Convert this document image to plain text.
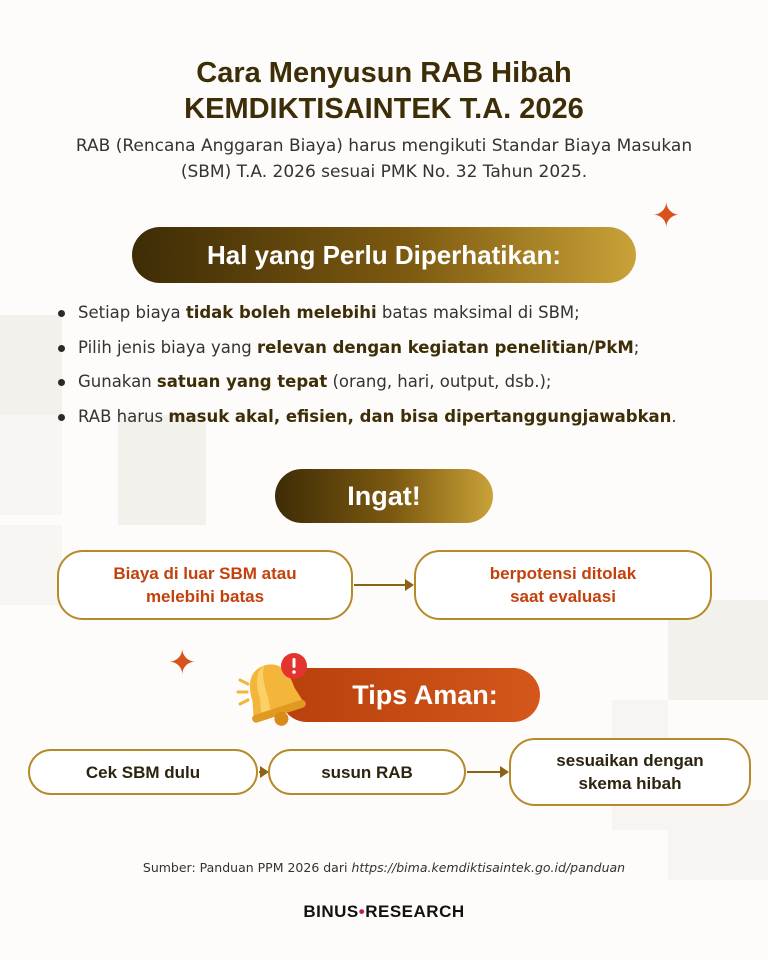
Cara Menyusun RAB Hibah
KEMDIKTISAINTEK T.A. 2026
RAB (Rencana Anggaran Biaya) harus mengikuti Standar Biaya Masukan
(SBM) T.A. 2026 sesuai PMK No. 32 Tahun 2025.
✦
Hal yang Perlu Diperhatikan:
Setiap biaya tidak boleh melebihi batas maksimal di SBM;
Pilih jenis biaya yang relevan dengan kegiatan penelitian/PkM;
Gunakan satuan yang tepat (orang, hari, output, dsb.);
RAB harus masuk akal, efisien, dan bisa dipertanggungjawabkan.
Ingat!
Biaya di luar SBM atau
melebihi batas
berpotensi ditolak
saat evaluasi
✦
Tips Aman:
Cek SBM dulu	susun RAB
sesuaikan dengan
skema hibah
Sumber: Panduan PPM 2026 dari https://bima.kemdiktisaintek.go.id/panduan
BINUS•RESEARCH
